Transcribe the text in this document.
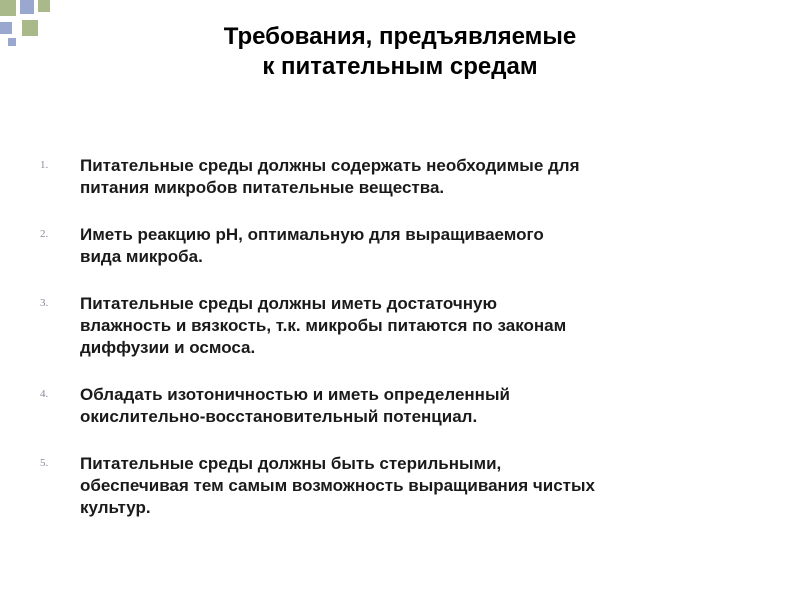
Требования, предъявляемые
к питательным средам
1.	Питательные среды должны содержать необходимые для
питания микробов питательные вещества.
2.	Иметь реакцию рН, оптимальную для выращиваемого
вида микроба.
3.	Питательные среды должны иметь достаточную
влажность и вязкость, т.к. микробы питаются по законам
диффузии и осмоса.
4.	Обладать изотоничностью и иметь определенный
окислительно-восстановительный потенциал.
5.	Питательные среды должны быть стерильными,
обеспечивая тем самым возможность выращивания чистых
культур.
